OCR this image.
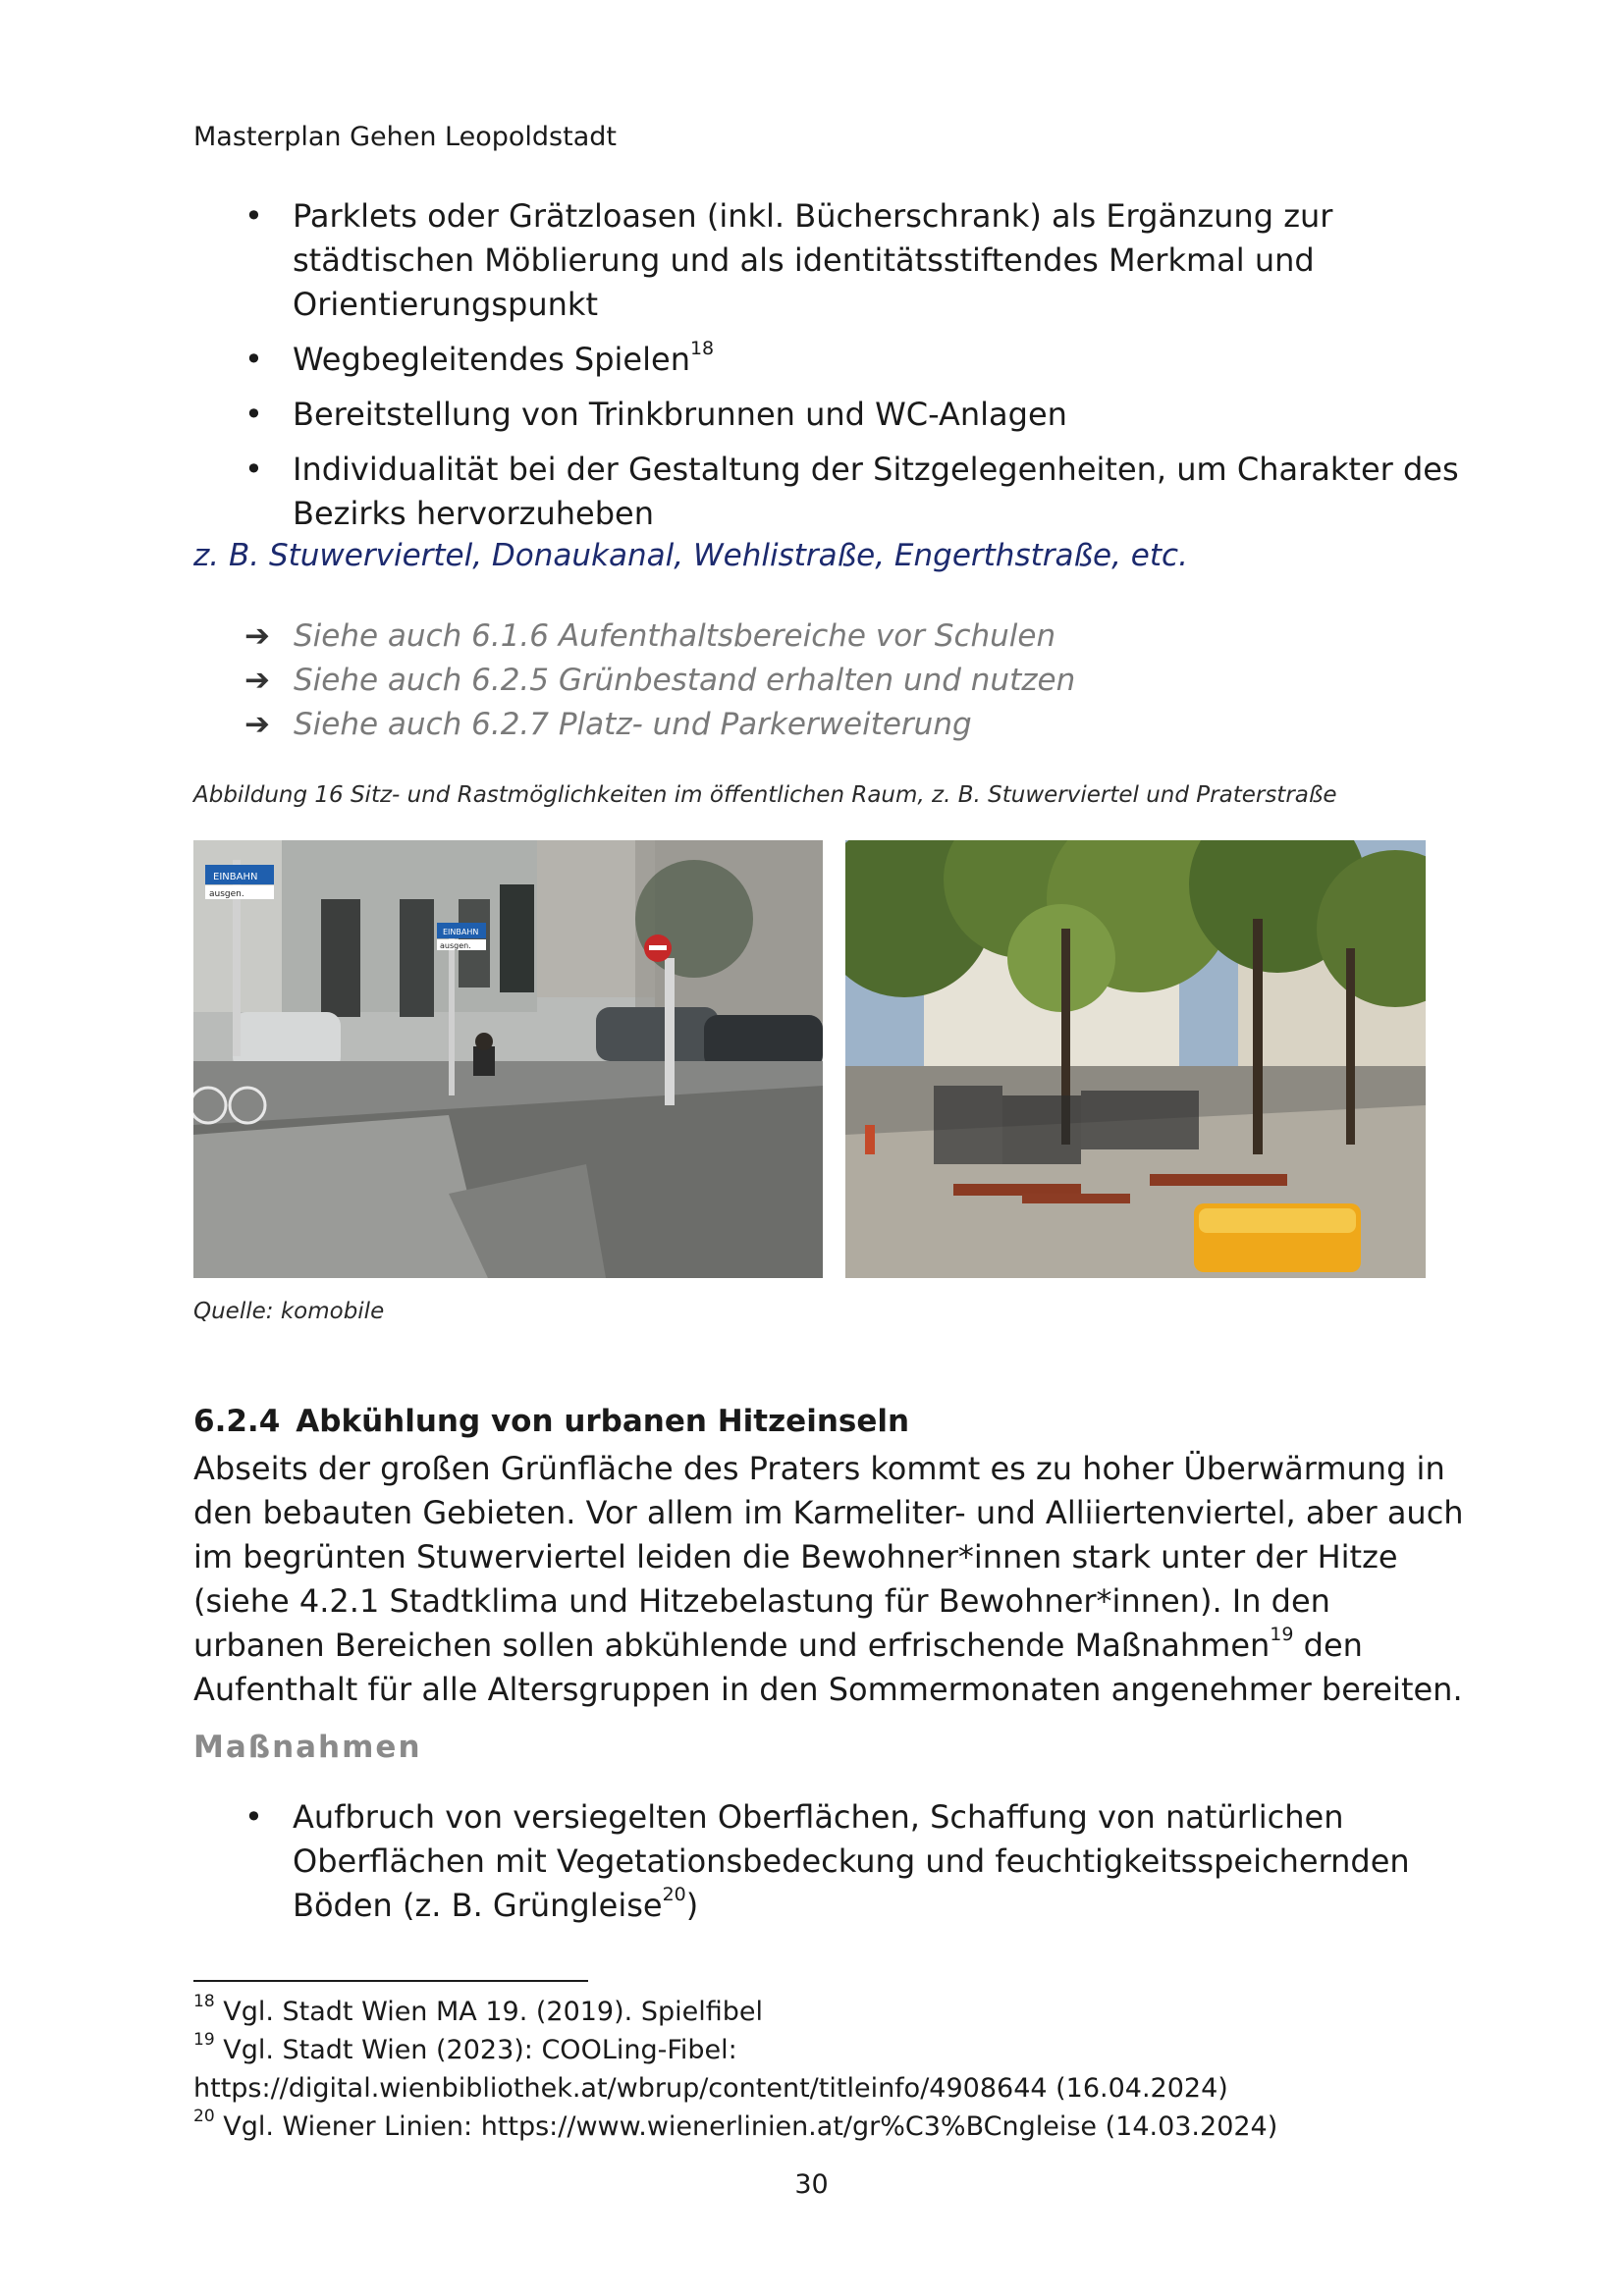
Masterplan Gehen Leopoldstadt
• Parklets oder Grätzloasen (inkl. Bücherschrank) als Ergänzung zur städtischen Möblierung und als identitätsstiftendes Merkmal und Orientierungspunkt
• Wegbegleitendes Spielen$^{18}$
• Bereitstellung von Trinkbrunnen und WC-Anlagen
• Individualität bei der Gestaltung der Sitzgelegenheiten, um Charakter des Bezirks hervorzuheben
z. B. Stuwerviertel, Donaukanal, Wehlistraße, Engerthstraße, etc.
➔ Siehe auch 6.1.6 Aufenthaltsbereiche vor Schulen
➔ Siehe auch 6.2.5 Grünbestand erhalten und nutzen
➔ Siehe auch 6.2.7 Platz- und Parkerweiterung
Abbildung 16 Sitz- und Rastmöglichkeiten im öffentlichen Raum, z. B. Stuwerviertel und Praterstraße
EINBAHN
ausgen.
EINBAHN
ausgen.
Quelle: komobile
6.2.4 Abkühlung von urbanen Hitzeinseln
Abseits der großen Grünfläche des Praters kommt es zu hoher Überwärmung in den bebauten Gebieten. Vor allem im Karmeliter- und Alliiertenviertel, aber auch im begrünten Stuwerviertel leiden die Bewohner*innen stark unter der Hitze (siehe 4.2.1 Stadtklima und Hitzebelastung für Bewohner*innen). In den urbanen Bereichen sollen abkühlende und erfrischende Maßnahmen$^{19}$ den Aufenthalt für alle Altersgruppen in den Sommermonaten angenehmer bereiten.
Maßnahmen
• Aufbruch von versiegelten Oberflächen, Schaffung von natürlichen Oberflächen mit Vegetationsbedeckung und feuchtigkeitsspeichernden Böden (z. B. Grüngleise$^{20}$)
$^{18}$ Vgl. Stadt Wien MA 19. (2019). Spielfibel
$^{19}$ Vgl. Stadt Wien (2023): COOLing-Fibel:
https://digital.wienbibliothek.at/wbrup/content/titleinfo/4908644 (16.04.2024)
$^{20}$ Vgl. Wiener Linien: https://www.wienerlinien.at/gr%C3%BCngleise (14.03.2024)
30
